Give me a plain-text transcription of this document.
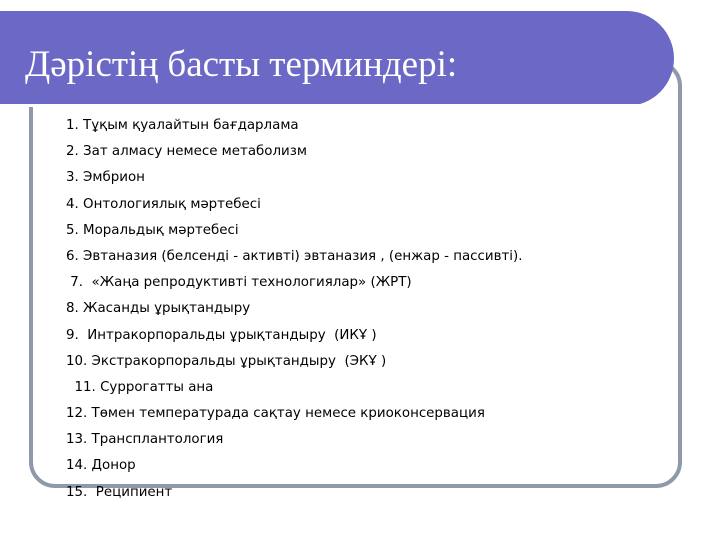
Дәрістің басты терминдері:
1. Тұқым қуалайтын бағдарлама
2. Зат алмасу немесе метаболизм
3. Эмбрион
4. Онтологиялық мәртебесі
5. Моральдық мәртебесі
6. Эвтаназия (белсенді - активті) эвтаназия , (енжар - пассивті).
7.  «Жаңа репродуктивті технологиялар» (ЖРТ)
8. Жасанды ұрықтандыру
9.  Интракорпоральды ұрықтандыру  (ИКҰ )
10. Экстракорпоральды ұрықтандыру  (ЭКҰ )
11. Суррогатты ана
12. Төмен температурада сақтау немесе криоконсервация
13. Трансплантология
14. Донор
15.  Реципиент
